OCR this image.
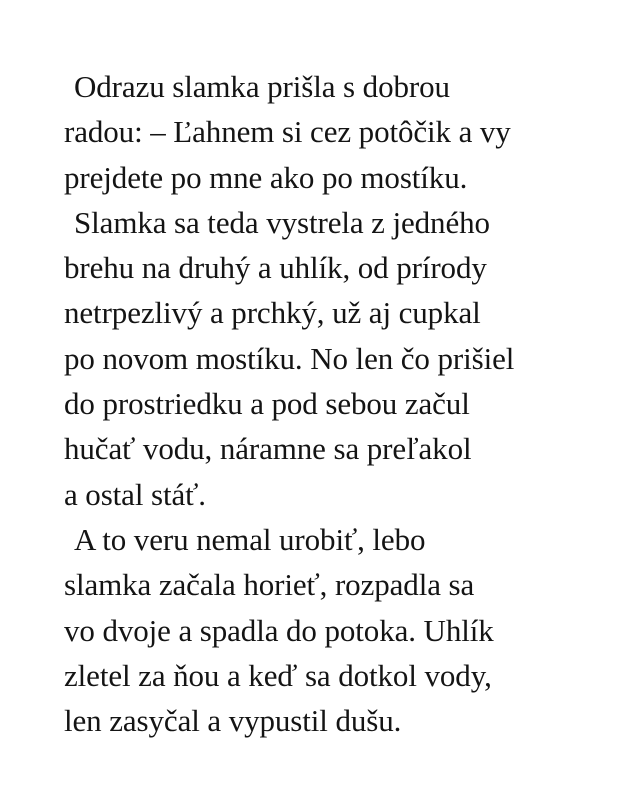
Odrazu slamka prišla s dobrou
radou: – Ľahnem si cez potôčik a vy
prejdete po mne ako po mostíku.
Slamka sa teda vystrela z jedného
brehu na druhý a uhlík, od prírody
netrpezlivý a prchký, už aj cupkal
po novom mostíku. No len čo prišiel
do prostriedku a pod sebou začul
hučať vodu, náramne sa preľakol
a ostal stáť.
A to veru nemal urobiť, lebo
slamka začala horieť, rozpadla sa
vo dvoje a spadla do potoka. Uhlík
zletel za ňou a keď sa dotkol vody,
len zasyčal a vypustil dušu.
